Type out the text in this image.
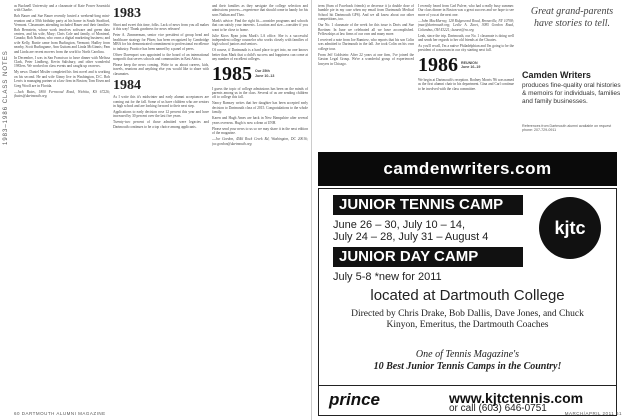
1983–1986 CLASS NOTES

as Bucknell University and a classmate of Kate Power Szarnicki with Charlie.

Bob Bauer and Sue Bauer recently hosted a weekend-long mini-reunion and a 50th birthday party at his home in South Strafford, Vermont. Classmates attending included Bauer and their families: Rob Bernstein, whose work involves software and green data centers, and his wife, Mary; Chris Cole and family, of Montreal, Canada; Rob Nadeau, who owns a digital marketing business; and wife Kelly, Burtie came from Burlington, Vermont; Hadley from nearby, Scott Burlingame, Ann Guttam and Linda McGinnis; Pam and Linda are recent movers from the world to North Carolina.

In December, I was in San Francisco to have dinner with Melissa Clark, Peter Lindberg, Kevin Salisbury, and other wonderful 1983ers. We worked on class events and caught up on news.

My news: Daniel Mistler completed his first novel and is working on his second. He and wife Ginny live in Washington, D.C. Rob Lewis is managing partner at a law firm in Boston; Tom Eisen and Greg Woolf are in Florida.

—Jack Bates, 1800 Fernwood Road, Wichita, KS 67226; jbates@dartmouth.org

1983

Short and sweet this time, folks. Lack of news from you all makes it this way! Thank goodness for news releases!

Peter A. Zimmerman, senior vice president of group head and healthcare strategy for Pfizer, has been recognized by Cambridge MBA for his demonstrated commitment to professional excellence to industry. Practice has been named by a panel of peers.

Oliver Davenport was appointed to the board of an international nonprofit that serves schools and communities in East Africa.

Please keep the news coming. Write to us about careers, kids, travels, reunions and anything else you would like to share with classmates.

1984

As I write this it's midwinter and early alumni acceptances are coming out for the fall. Some of us have children who are seniors in high school and are looking forward to their next step.

Applications to early decision rose 12 percent this year and have increased by 30 percent over the last five years.

Twenty-two percent of those admitted were legacies and Dartmouth continues to be a top choice among applicants.

and their families as they navigate the college selection and admissions process—experience that should come in handy for his sons Nathan and Theo.

Mark's advice: Find the right fit—consider programs and schools that can satisfy your interests. Location and size—consider if you want to be close to home.

Julie Kiros Ryan joins Mark's LA office. She is a successful independent college counselor who works closely with families of high school juniors and seniors.

Of course, if Dartmouth is a hard place to get into, no one knows better than Mark that a child's success and happiness can come at any number of excellent colleges.

1985 Our 25th
June 10–13

I guess the topic of college admissions has been on the minds of parents among us in the class. Several of us are sending children off to college this fall.

Nancy Ramsey writes that her daughter has been accepted early decision to Dartmouth class of 2015. Congratulations to the whole family.

Karen and Hugh Ames are back in New Hampshire after several years overseas. Hugh is now a dean at UNH.

Please send your news to us so we may share it in the next edition of the magazine.

—Joe Gordon, 4546 Rock Creek Rd, Washington, DC 20016; joe.gordon@dartmouth.org

60 DARTMOUTH ALUMNI MAGAZINE

term (Sum of Facebook friends) or decrease it (a double dose of humble pie in my case when my email from Dartmouth Medical School hit Dartmouth GPS). And we all know about our other competitions, too.

Our No. 1 classmate of the week for this issue is Doris and Sue Boettner. In June we celebrated all we have accomplished. Fellowships at law firms of our own and many more.

I received a note from Joe Ramirez, who reports that his son Colin was admitted to Dartmouth in the fall. Joe took Colin on his own college tour.

From Jeff Goldstein: After 22 years at one firm, I've joined the Gaston Legal Group. We're a wonderful group of experienced lawyers in Chicago.

I recently heard from Carl Pulver, who had a really busy summer. Our class dinner in Boston was a great success and we hope to see more of you at the next one.

—John MacMurray, 128 Ridgewood Road, Bronxville, NY 10708; jmac@dartmouth.org; Leslie A. Zaret, 3085 Gordon Road, Columbus, OH 43221; lazaret@ra.org

Leah, since the trip. Dartmouth, our No. 1 classmate is doing well and sends her regards to her old friends at the Choates.

As you'll recall, I'm a native Philadelphian and I'm going to be the president of a museum in our city starting next fall.

1986 REUNION
June 16–19

We begin at Dartmouth's reception. Rodney Morris '86 was named as the first alumni chair in his department. Gina and Carl continue to be involved with the class committee.

Great grand-parents have stories to tell.
Camden Writers
produces fine-quality oral histories & memoirs for individuals, families and family businesses.
References from Dartmouth alumni available on request phone: 207-729-0911
camdenwriters.com
JUNIOR TENNIS CAMP
June 26 – 30, July 10 – 14,
July 24 – 28, July 31 – August 4
JUNIOR DAY CAMP
July 5-8 *new for 2011
kjtc
located at Dartmouth College
Directed by Chris Drake, Bob Dallis, Dave Jones, and Chuck Kinyon, Emeritus, the Dartmouth Coaches
One of Tennis Magazine's
10 Best Junior Tennis Camps in the Country!
prince	www.kjtctennis.com
or call (603) 646-0751	MARCH/APRIL 2011 61
